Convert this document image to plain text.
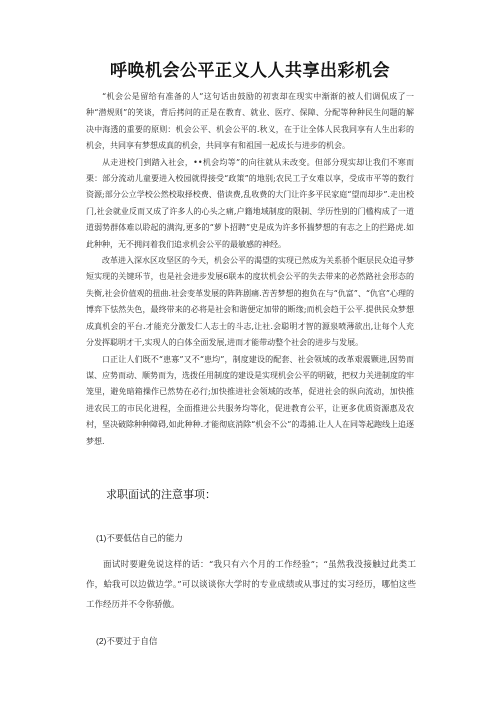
呼唤机会公平正义人人共享出彩机会

“机会公是留给有准备的人”这句话由鼓励的初衷却在现实中渐渐的被人们调侃成了一种“潜规则”的笑谈，背后拷问的正是在教育、就业、医疗、保障、分配等种种民生问题的解决中海透的重要的原则：机会公平、机会公平的.秋义，在于让全体人民我同享有人生出彩的机会，共同享有梦想成真的机会，共同享有和祖国一起成长与进步的机会。

从走进校门到踏入社会，••机会均等”的向往就从未改变。但部分现实却让我们不寒而栗：部分流动儿童要进入校园就得接受“政策”的地别;农民工子女难以享，受成市平等的数行资源;部分公立学校公然校取择校费、借读费,乱收费的大门让许多平民家庭“望而却步”.走出校门,社会就业反而又成了许多人的心头之痛,户籍地域制度的限制、学历性别的门槛构成了一道道弱势群体难以聆起的满沟,更多的“萝卜招聘”史是成为许多怀揣梦想的有志之上的拦路虎.如此种种，无不拥问着我们追求机会公平的最敏感的神经。

改革进入深水区攻坚区的今天，机会公平的渴望的实现已然成为关系骄个眶层民众追寻梦短实现的关键环节，也是社会进步发展6联本的度状机会公平的失去带来的必然路社会形态的失衡,社会价值观的扭曲.社会变革发展的阵阵剧痛.苦苦梦想的抱负在与“仇富”、“仇官”心理的博弈下怯然失色，最终带来的必将是社会和谐便定加带的断缘;而机会趋于公平.提供民众梦想成真机会的平台.才能充分激发仁人志士的斗志,让社.会聪明才智的源泉喷薄欲出,让每个人充分发挥聪明才干,实现人的白体全面发展,进而才能带动整个社会的进步与发展。

口正让人们既不“患寡”又不“患均”，制度建设的配套、社会领域的改革艰震颗进,因势而谋、应势而动、顺势而为，选拨任用制度的建设是实现机会公平的明破，把权力关进制度的牢笼里，避免暗箱操作已然势在必行;加快推进社会领域的改革，促进社会的纵向流动，加快推进农民工的市民化进程，全面推进公共服务均等化，促进教育公平，让更多优质资源惠及农村，坚决破除种种障碍,如此种种.才能彻底消除“机会不公”的毒捕.让人人在同等起跑线上追逐梦想.

求职面试的注意事项：
(1)不要低估自己的能力
面试时要避免说这样的话：“我只有六个月的工作经验”；“虽然我没接触过此类工作，蛤我可以边做边学。”可以谈谈你大学时的专业成绩或从事过的实习经历，哪怕这些工作经历并不令你骄傲。
(2)不要过于自信
